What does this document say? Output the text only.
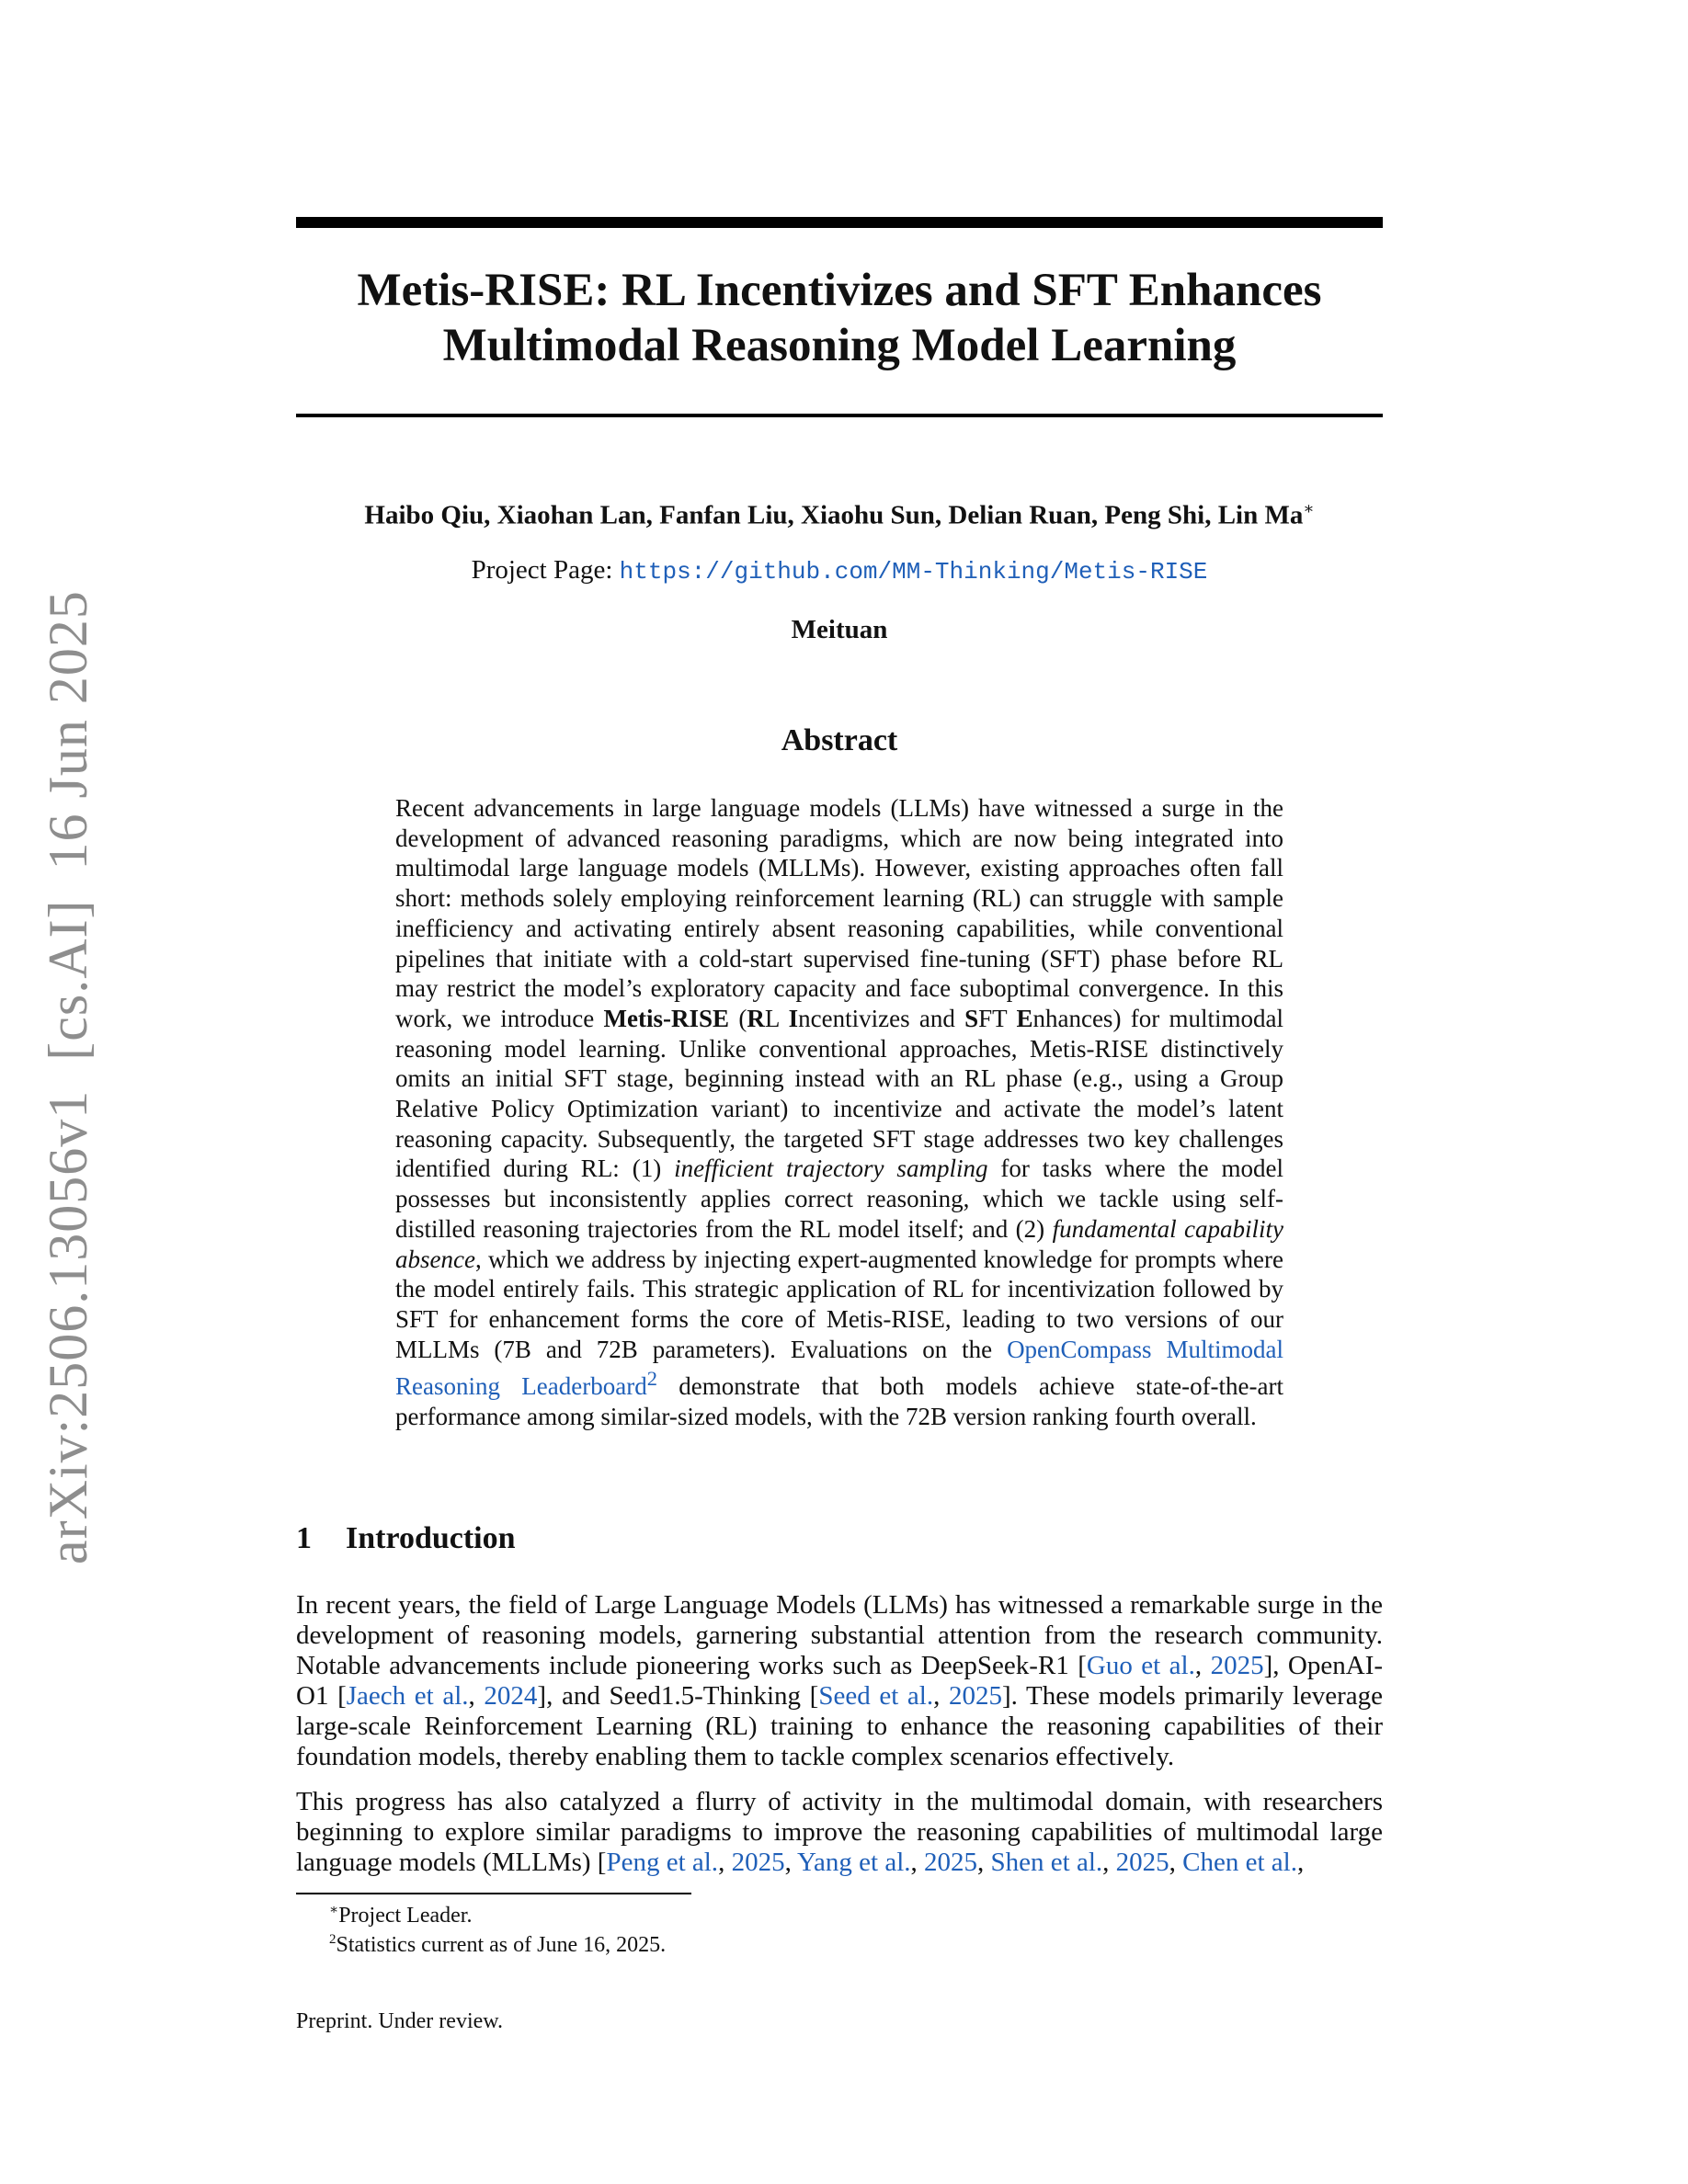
arXiv:2506.13056v1  [cs.AI]  16 Jun 2025
Metis-RISE: RL Incentivizes and SFT Enhances
Multimodal Reasoning Model Learning
Haibo Qiu, Xiaohan Lan, Fanfan Liu, Xiaohu Sun, Delian Ruan, Peng Shi, Lin Ma∗
Project Page: https://github.com/MM-Thinking/Metis-RISE
Meituan
Abstract

Recent advancements in large language models (LLMs) have witnessed a surge in the development of advanced reasoning paradigms, which are now being integrated into multimodal large language models (MLLMs). However, existing approaches often fall short: methods solely employing reinforcement learning (RL) can struggle with sample inefficiency and activating entirely absent reasoning capabilities, while conventional pipelines that initiate with a cold-start supervised fine-tuning (SFT) phase before RL may restrict the model’s exploratory capacity and face suboptimal convergence. In this work, we introduce Metis-RISE (RL Incentivizes and SFT Enhances) for multimodal reasoning model learning. Unlike conventional approaches, Metis-RISE distinctively omits an initial SFT stage, beginning instead with an RL phase (e.g., using a Group Relative Policy Optimization variant) to incentivize and activate the model’s latent reasoning capacity. Subsequently, the targeted SFT stage addresses two key challenges identified during RL: (1) inefficient trajectory sampling for tasks where the model possesses but inconsistently applies correct reasoning, which we tackle using self-distilled reasoning trajectories from the RL model itself; and (2) fundamental capability absence, which we address by injecting expert-augmented knowledge for prompts where the model entirely fails. This strategic application of RL for incentivization followed by SFT for enhancement forms the core of Metis-RISE, leading to two versions of our MLLMs (7B and 72B parameters). Evaluations on the OpenCompass Multimodal Reasoning Leaderboard$^2$ demonstrate that both models achieve state-of-the-art performance among similar-sized models, with the 72B version ranking fourth overall.

1 Introduction

In recent years, the field of Large Language Models (LLMs) has witnessed a remarkable surge in the development of reasoning models, garnering substantial attention from the research community. Notable advancements include pioneering works such as DeepSeek-R1 [Guo et al., 2025], OpenAI-O1 [Jaech et al., 2024], and Seed1.5-Thinking [Seed et al., 2025]. These models primarily leverage large-scale Reinforcement Learning (RL) training to enhance the reasoning capabilities of their foundation models, thereby enabling them to tackle complex scenarios effectively.

This progress has also catalyzed a flurry of activity in the multimodal domain, with researchers beginning to explore similar paradigms to improve the reasoning capabilities of multimodal large language models (MLLMs) [Peng et al., 2025, Yang et al., 2025, Shen et al., 2025, Chen et al.,

∗Project Leader.
$^2$Statistics current as of June 16, 2025.
Preprint. Under review.
